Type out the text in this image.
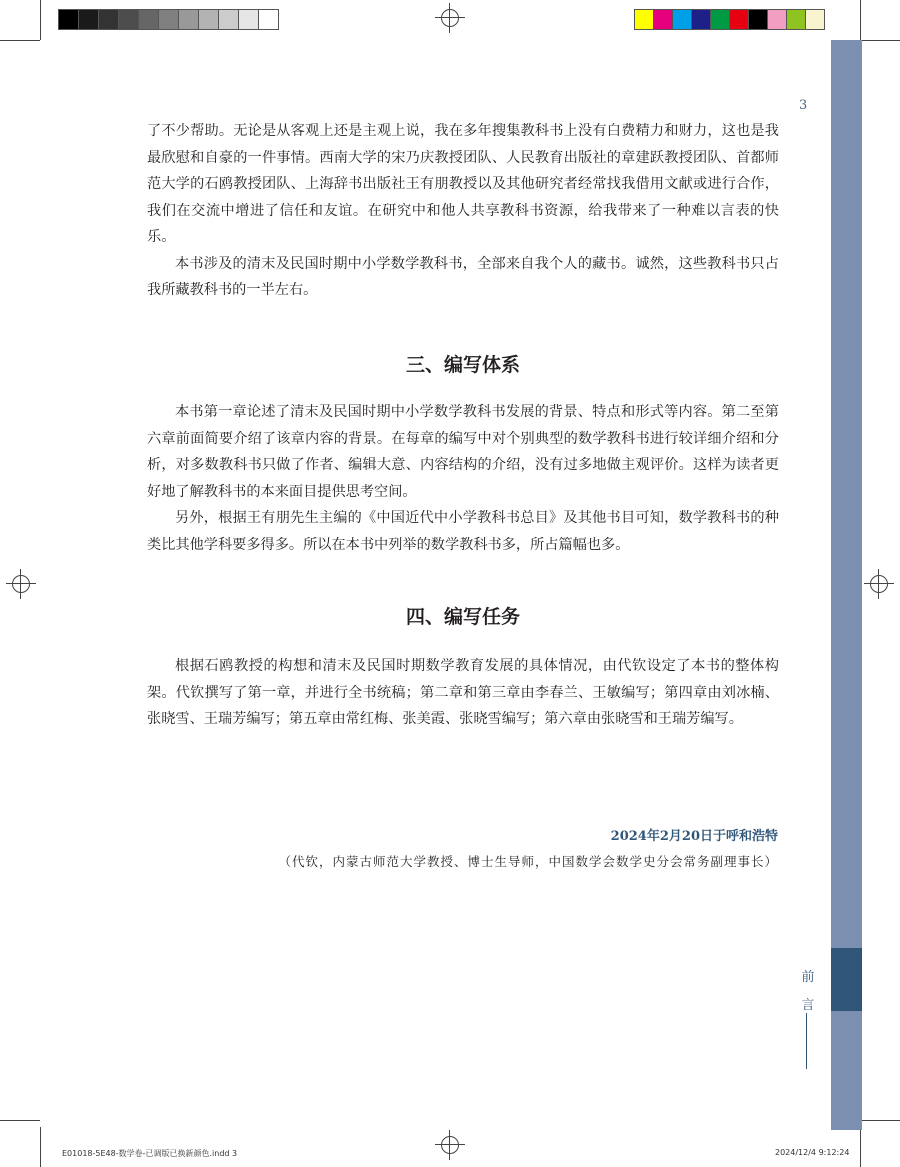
前
言
3

了不少帮助。无论是从客观上还是主观上说，我在多年搜集教科书上没有白费精力和财力，这也是我最欣慰和自豪的一件事情。西南大学的宋乃庆教授团队、人民教育出版社的章建跃教授团队、首都师范大学的石鸥教授团队、上海辞书出版社王有朋教授以及其他研究者经常找我借用文献或进行合作，我们在交流中增进了信任和友谊。在研究中和他人共享教科书资源，给我带来了一种难以言表的快乐。

本书涉及的清末及民国时期中小学数学教科书，全部来自我个人的藏书。诚然，这些教科书只占我所藏教科书的一半左右。

三、编写体系

本书第一章论述了清末及民国时期中小学数学教科书发展的背景、特点和形式等内容。第二至第六章前面简要介绍了该章内容的背景。在每章的编写中对个别典型的数学教科书进行较详细介绍和分析，对多数教科书只做了作者、编辑大意、内容结构的介绍，没有过多地做主观评价。这样为读者更好地了解教科书的本来面目提供思考空间。

另外，根据王有朋先生主编的《中国近代中小学教科书总目》及其他书目可知，数学教科书的种类比其他学科要多得多。所以在本书中列举的数学教科书多，所占篇幅也多。

四、编写任务

根据石鸥教授的构想和清末及民国时期数学教育发展的具体情况，由代钦设定了本书的整体构架。代钦撰写了第一章，并进行全书统稿；第二章和第三章由李春兰、王敏编写；第四章由刘冰楠、张晓雪、王瑞芳编写；第五章由常红梅、张美霞、张晓雪编写；第六章由张晓雪和王瑞芳编写。

2024年2月20日于呼和浩特
（代钦，内蒙古师范大学教授、博士生导师，中国数学会数学史分会常务副理事长）
E01018-5E48-数学卷-已调版已换新颜色.indd 3	2024/12/4 9:12:24
